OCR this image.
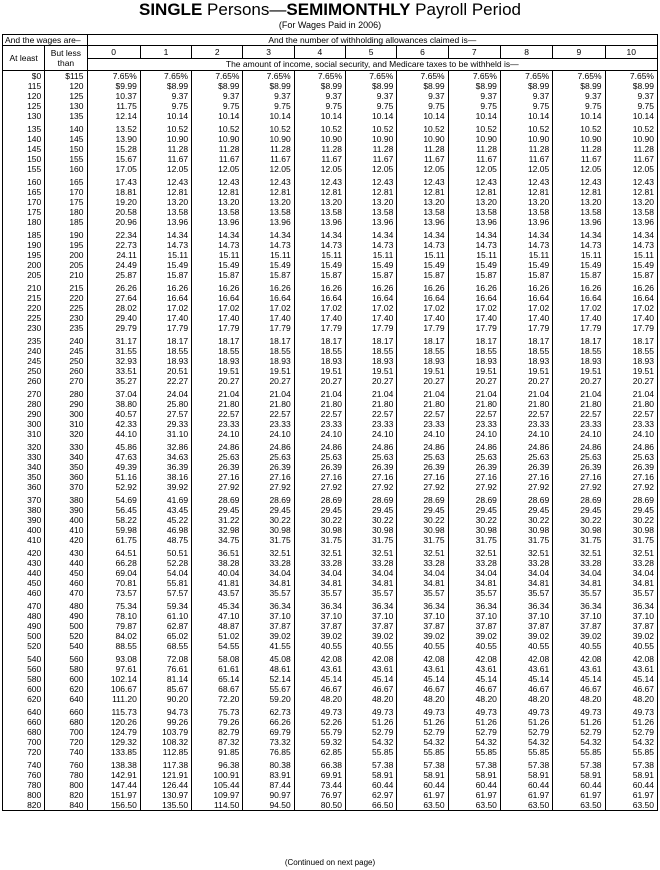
SINGLE Persons—SEMIMONTHLY Payroll Period
(For Wages Paid in 2006)
And the wages are–		And the number of withholding allowances claimed is—										
At least	But less than	0	1	2	3	4	5	6	7	8	9	10
		The amount of income, social security, and Medicare taxes to be withheld is—										
$0	$115	7.65%	7.65%	7.65%	7.65%	7.65%	7.65%	7.65%	7.65%	7.65%	7.65%	7.65%
115	120	$9.99	$8.99	$8.99	$8.99	$8.99	$8.99	$8.99	$8.99	$8.99	$8.99	$8.99
120	125	10.37	9.37	9.37	9.37	9.37	9.37	9.37	9.37	9.37	9.37	9.37
125	130	11.75	9.75	9.75	9.75	9.75	9.75	9.75	9.75	9.75	9.75	9.75
130	135	12.14	10.14	10.14	10.14	10.14	10.14	10.14	10.14	10.14	10.14	10.14

135	140	13.52	10.52	10.52	10.52	10.52	10.52	10.52	10.52	10.52	10.52	10.52
140	145	13.90	10.90	10.90	10.90	10.90	10.90	10.90	10.90	10.90	10.90	10.90
145	150	15.28	11.28	11.28	11.28	11.28	11.28	11.28	11.28	11.28	11.28	11.28
150	155	15.67	11.67	11.67	11.67	11.67	11.67	11.67	11.67	11.67	11.67	11.67
155	160	17.05	12.05	12.05	12.05	12.05	12.05	12.05	12.05	12.05	12.05	12.05

160	165	17.43	12.43	12.43	12.43	12.43	12.43	12.43	12.43	12.43	12.43	12.43
165	170	18.81	12.81	12.81	12.81	12.81	12.81	12.81	12.81	12.81	12.81	12.81
170	175	19.20	13.20	13.20	13.20	13.20	13.20	13.20	13.20	13.20	13.20	13.20
175	180	20.58	13.58	13.58	13.58	13.58	13.58	13.58	13.58	13.58	13.58	13.58
180	185	20.96	13.96	13.96	13.96	13.96	13.96	13.96	13.96	13.96	13.96	13.96

185	190	22.34	14.34	14.34	14.34	14.34	14.34	14.34	14.34	14.34	14.34	14.34
190	195	22.73	14.73	14.73	14.73	14.73	14.73	14.73	14.73	14.73	14.73	14.73
195	200	24.11	15.11	15.11	15.11	15.11	15.11	15.11	15.11	15.11	15.11	15.11
200	205	24.49	15.49	15.49	15.49	15.49	15.49	15.49	15.49	15.49	15.49	15.49
205	210	25.87	15.87	15.87	15.87	15.87	15.87	15.87	15.87	15.87	15.87	15.87

210	215	26.26	16.26	16.26	16.26	16.26	16.26	16.26	16.26	16.26	16.26	16.26
215	220	27.64	16.64	16.64	16.64	16.64	16.64	16.64	16.64	16.64	16.64	16.64
220	225	28.02	17.02	17.02	17.02	17.02	17.02	17.02	17.02	17.02	17.02	17.02
225	230	29.40	17.40	17.40	17.40	17.40	17.40	17.40	17.40	17.40	17.40	17.40
230	235	29.79	17.79	17.79	17.79	17.79	17.79	17.79	17.79	17.79	17.79	17.79

235	240	31.17	18.17	18.17	18.17	18.17	18.17	18.17	18.17	18.17	18.17	18.17
240	245	31.55	18.55	18.55	18.55	18.55	18.55	18.55	18.55	18.55	18.55	18.55
245	250	32.93	18.93	18.93	18.93	18.93	18.93	18.93	18.93	18.93	18.93	18.93
250	260	33.51	20.51	19.51	19.51	19.51	19.51	19.51	19.51	19.51	19.51	19.51
260	270	35.27	22.27	20.27	20.27	20.27	20.27	20.27	20.27	20.27	20.27	20.27

270	280	37.04	24.04	21.04	21.04	21.04	21.04	21.04	21.04	21.04	21.04	21.04
280	290	38.80	25.80	21.80	21.80	21.80	21.80	21.80	21.80	21.80	21.80	21.80
290	300	40.57	27.57	22.57	22.57	22.57	22.57	22.57	22.57	22.57	22.57	22.57
300	310	42.33	29.33	23.33	23.33	23.33	23.33	23.33	23.33	23.33	23.33	23.33
310	320	44.10	31.10	24.10	24.10	24.10	24.10	24.10	24.10	24.10	24.10	24.10

320	330	45.86	32.86	24.86	24.86	24.86	24.86	24.86	24.86	24.86	24.86	24.86
330	340	47.63	34.63	25.63	25.63	25.63	25.63	25.63	25.63	25.63	25.63	25.63
340	350	49.39	36.39	26.39	26.39	26.39	26.39	26.39	26.39	26.39	26.39	26.39
350	360	51.16	38.16	27.16	27.16	27.16	27.16	27.16	27.16	27.16	27.16	27.16
360	370	52.92	39.92	27.92	27.92	27.92	27.92	27.92	27.92	27.92	27.92	27.92

370	380	54.69	41.69	28.69	28.69	28.69	28.69	28.69	28.69	28.69	28.69	28.69
380	390	56.45	43.45	29.45	29.45	29.45	29.45	29.45	29.45	29.45	29.45	29.45
390	400	58.22	45.22	31.22	30.22	30.22	30.22	30.22	30.22	30.22	30.22	30.22
400	410	59.98	46.98	32.98	30.98	30.98	30.98	30.98	30.98	30.98	30.98	30.98
410	420	61.75	48.75	34.75	31.75	31.75	31.75	31.75	31.75	31.75	31.75	31.75

420	430	64.51	50.51	36.51	32.51	32.51	32.51	32.51	32.51	32.51	32.51	32.51
430	440	66.28	52.28	38.28	33.28	33.28	33.28	33.28	33.28	33.28	33.28	33.28
440	450	69.04	54.04	40.04	34.04	34.04	34.04	34.04	34.04	34.04	34.04	34.04
450	460	70.81	55.81	41.81	34.81	34.81	34.81	34.81	34.81	34.81	34.81	34.81
460	470	73.57	57.57	43.57	35.57	35.57	35.57	35.57	35.57	35.57	35.57	35.57

470	480	75.34	59.34	45.34	36.34	36.34	36.34	36.34	36.34	36.34	36.34	36.34
480	490	78.10	61.10	47.10	37.10	37.10	37.10	37.10	37.10	37.10	37.10	37.10
490	500	79.87	62.87	48.87	37.87	37.87	37.87	37.87	37.87	37.87	37.87	37.87
500	520	84.02	65.02	51.02	39.02	39.02	39.02	39.02	39.02	39.02	39.02	39.02
520	540	88.55	68.55	54.55	41.55	40.55	40.55	40.55	40.55	40.55	40.55	40.55

540	560	93.08	72.08	58.08	45.08	42.08	42.08	42.08	42.08	42.08	42.08	42.08
560	580	97.61	76.61	61.61	48.61	43.61	43.61	43.61	43.61	43.61	43.61	43.61
580	600	102.14	81.14	65.14	52.14	45.14	45.14	45.14	45.14	45.14	45.14	45.14
600	620	106.67	85.67	68.67	55.67	46.67	46.67	46.67	46.67	46.67	46.67	46.67
620	640	111.20	90.20	72.20	59.20	48.20	48.20	48.20	48.20	48.20	48.20	48.20

640	660	115.73	94.73	75.73	62.73	49.73	49.73	49.73	49.73	49.73	49.73	49.73
660	680	120.26	99.26	79.26	66.26	52.26	51.26	51.26	51.26	51.26	51.26	51.26
680	700	124.79	103.79	82.79	69.79	55.79	52.79	52.79	52.79	52.79	52.79	52.79
700	720	129.32	108.32	87.32	73.32	59.32	54.32	54.32	54.32	54.32	54.32	54.32
720	740	133.85	112.85	91.85	76.85	62.85	55.85	55.85	55.85	55.85	55.85	55.85

740	760	138.38	117.38	96.38	80.38	66.38	57.38	57.38	57.38	57.38	57.38	57.38
760	780	142.91	121.91	100.91	83.91	69.91	58.91	58.91	58.91	58.91	58.91	58.91
780	800	147.44	126.44	105.44	87.44	73.44	60.44	60.44	60.44	60.44	60.44	60.44
800	820	151.97	130.97	109.97	90.97	76.97	62.97	61.97	61.97	61.97	61.97	61.97
820	840	156.50	135.50	114.50	94.50	80.50	66.50	63.50	63.50	63.50	63.50	63.50
(Continued on next page)
